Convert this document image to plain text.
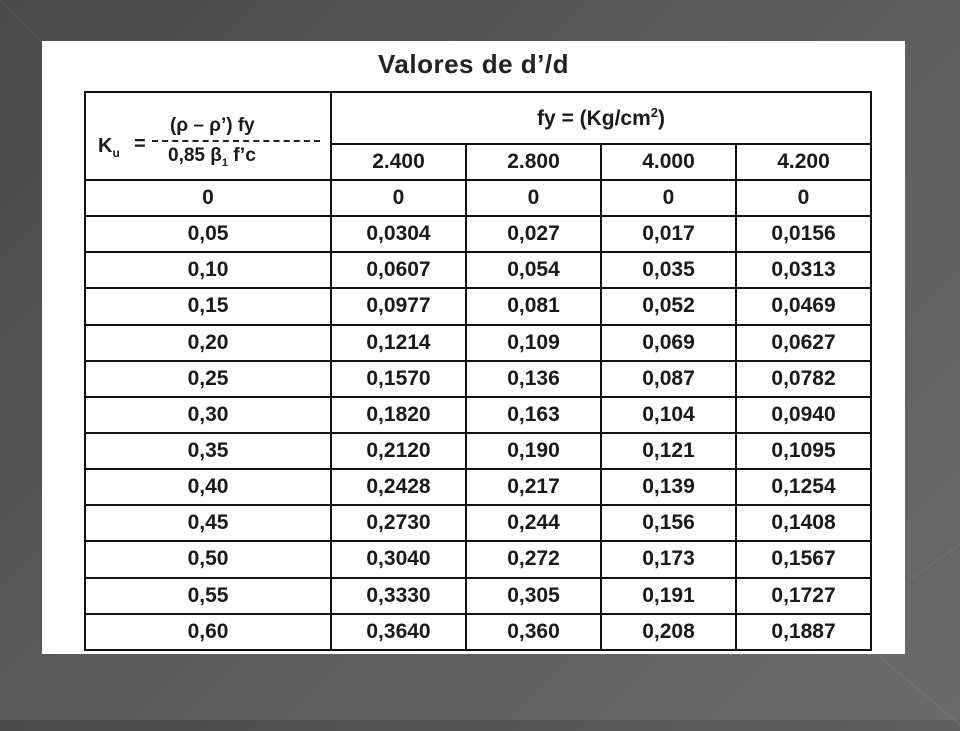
Valores de d’/d
$K_u$ =
(ρ – ρ’) fy
0,85 $\beta_1$ f’c	fy = $(Kg/cm^2)$			
	2.400	2.800	4.000	4.200
0	0	0	0	0
0,05	0,0304	0,027	0,017	0,0156
0,10	0,0607	0,054	0,035	0,0313
0,15	0,0977	0,081	0,052	0,0469
0,20	0,1214	0,109	0,069	0,0627
0,25	0,1570	0,136	0,087	0,0782
0,30	0,1820	0,163	0,104	0,0940
0,35	0,2120	0,190	0,121	0,1095
0,40	0,2428	0,217	0,139	0,1254
0,45	0,2730	0,244	0,156	0,1408
0,50	0,3040	0,272	0,173	0,1567
0,55	0,3330	0,305	0,191	0,1727
0,60	0,3640	0,360	0,208	0,1887
